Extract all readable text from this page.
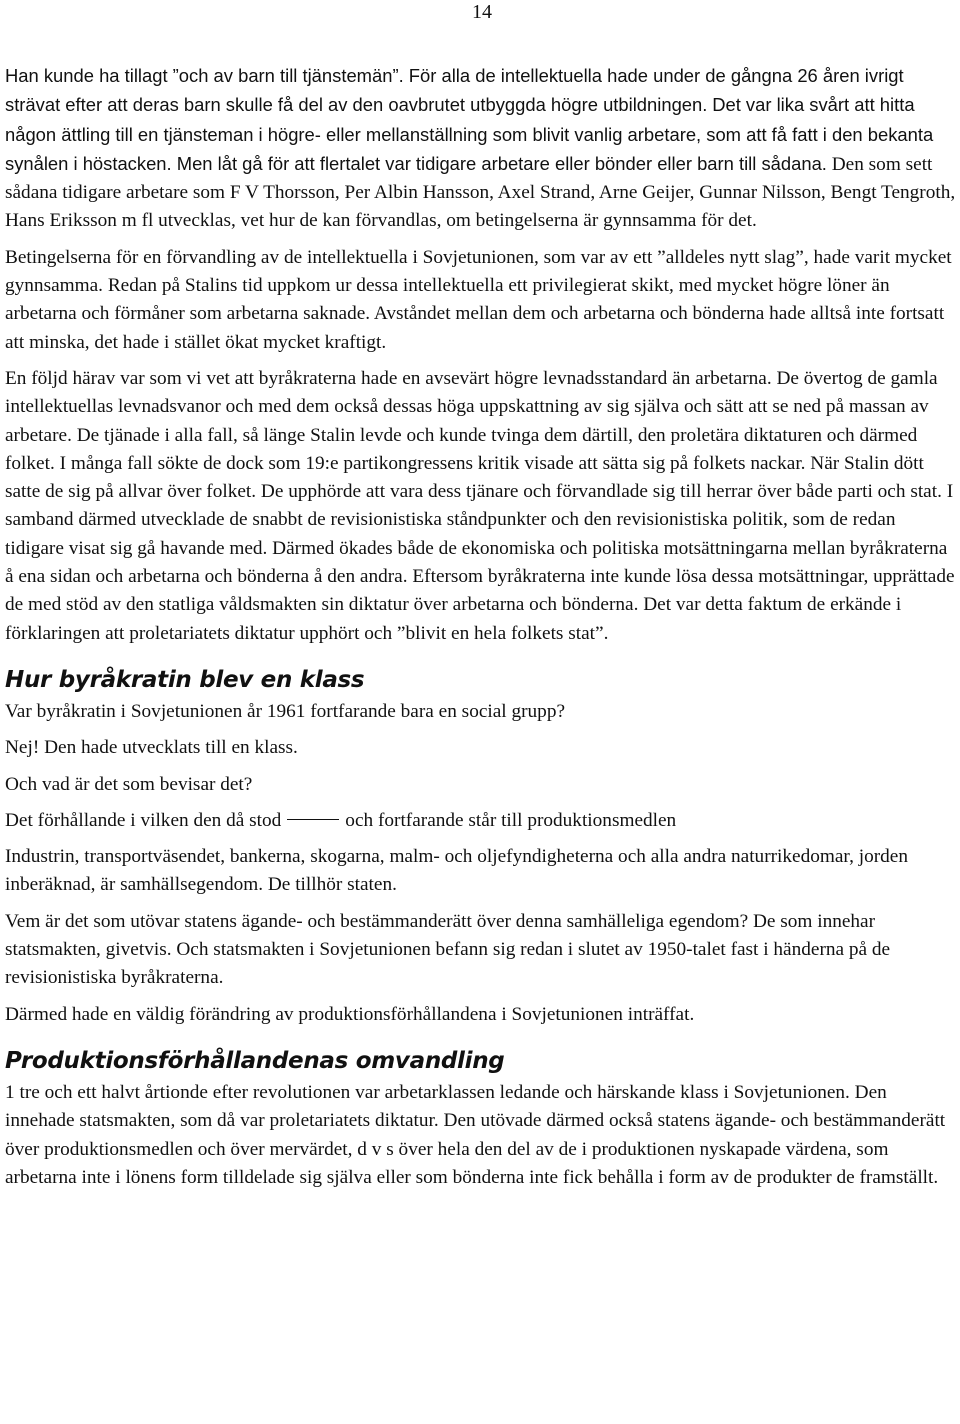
14

Han kunde ha tillagt ”och av barn till tjänstemän”. För alla de intellektuella hade under de gångna 26 åren ivrigt strävat efter att deras barn skulle få del av den oavbrutet utbyggda högre utbildningen. Det var lika svårt att hitta någon ättling till en tjänsteman i högre- eller mellanställning som blivit vanlig arbetare, som att få fatt i den bekanta synålen i höstacken. Men låt gå för att flertalet var tidigare arbetare eller bönder eller barn till sådana. Den som sett sådana tidigare arbetare som F V Thorsson, Per Albin Hansson, Axel Strand, Arne Geijer, Gunnar Nilsson, Bengt Tengroth, Hans Eriksson m fl utvecklas, vet hur de kan förvandlas, om betingelserna är gynnsamma för det.

Betingelserna för en förvandling av de intellektuella i Sovjetunionen, som var av ett ”alldeles nytt slag”, hade varit mycket gynnsamma. Redan på Stalins tid uppkom ur dessa intellektuella ett privilegierat skikt, med mycket högre löner än arbetarna och förmåner som arbetarna saknade. Avståndet mellan dem och arbetarna och bönderna hade alltså inte fortsatt att minska, det hade i stället ökat mycket kraftigt.

En följd härav var som vi vet att byråkraterna hade en avsevärt högre levnadsstandard än arbetarna. De övertog de gamla intellektuellas levnadsvanor och med dem också dessas höga uppskattning av sig själva och sätt att se ned på massan av arbetare. De tjänade i alla fall, så länge Stalin levde och kunde tvinga dem därtill, den proletära diktaturen och därmed folket. I många fall sökte de dock som 19:e partikongressens kritik visade att sätta sig på folkets nackar. När Stalin dött satte de sig på allvar över folket. De upphörde att vara dess tjänare och förvandlade sig till herrar över både parti och stat. I samband därmed utvecklade de snabbt de revisionistiska ståndpunkter och den revisionistiska politik, som de redan tidigare visat sig gå havande med. Därmed ökades både de ekonomiska och politiska motsättningarna mellan byråkraterna å ena sidan och arbetarna och bönderna å den andra. Eftersom byråkraterna inte kunde lösa dessa motsättningar, upprättade de med stöd av den statliga våldsmakten sin diktatur över arbetarna och bönderna. Det var detta faktum de erkände i förklaringen att proletariatets diktatur upphört och ”blivit en hela folkets stat”.

Hur byråkratin blev en klass

Var byråkratin i Sovjetunionen år 1961 fortfarande bara en social grupp?

Nej! Den hade utvecklats till en klass.

Och vad är det som bevisar det?

Det förhållande i vilken den då stod	och fortfarande står till produktionsmedlen

Industrin, transportväsendet, bankerna, skogarna, malm- och oljefyndigheterna och alla andra naturrikedomar, jorden inberäknad, är samhällsegendom. De tillhör staten.

Vem är det som utövar statens ägande- och bestämmanderätt över denna samhälleliga egendom? De som innehar statsmakten, givetvis. Och statsmakten i Sovjetunionen befann sig redan i slutet av 1950-talet fast i händerna på de revisionistiska byråkraterna.

Därmed hade en väldig förändring av produktionsförhållandena i Sovjetunionen inträffat.

Produktionsförhållandenas omvandling

1 tre och ett halvt årtionde efter revolutionen var arbetarklassen ledande och härskande klass i Sovjetunionen. Den innehade statsmakten, som då var proletariatets diktatur. Den utövade därmed också statens ägande- och bestämmanderätt över produktionsmedlen och över mervärdet, d v s över hela den del av de i produktionen nyskapade värdena, som arbetarna inte i lönens form tilldelade sig själva eller som bönderna inte fick behålla i form av de produkter de framställt.
